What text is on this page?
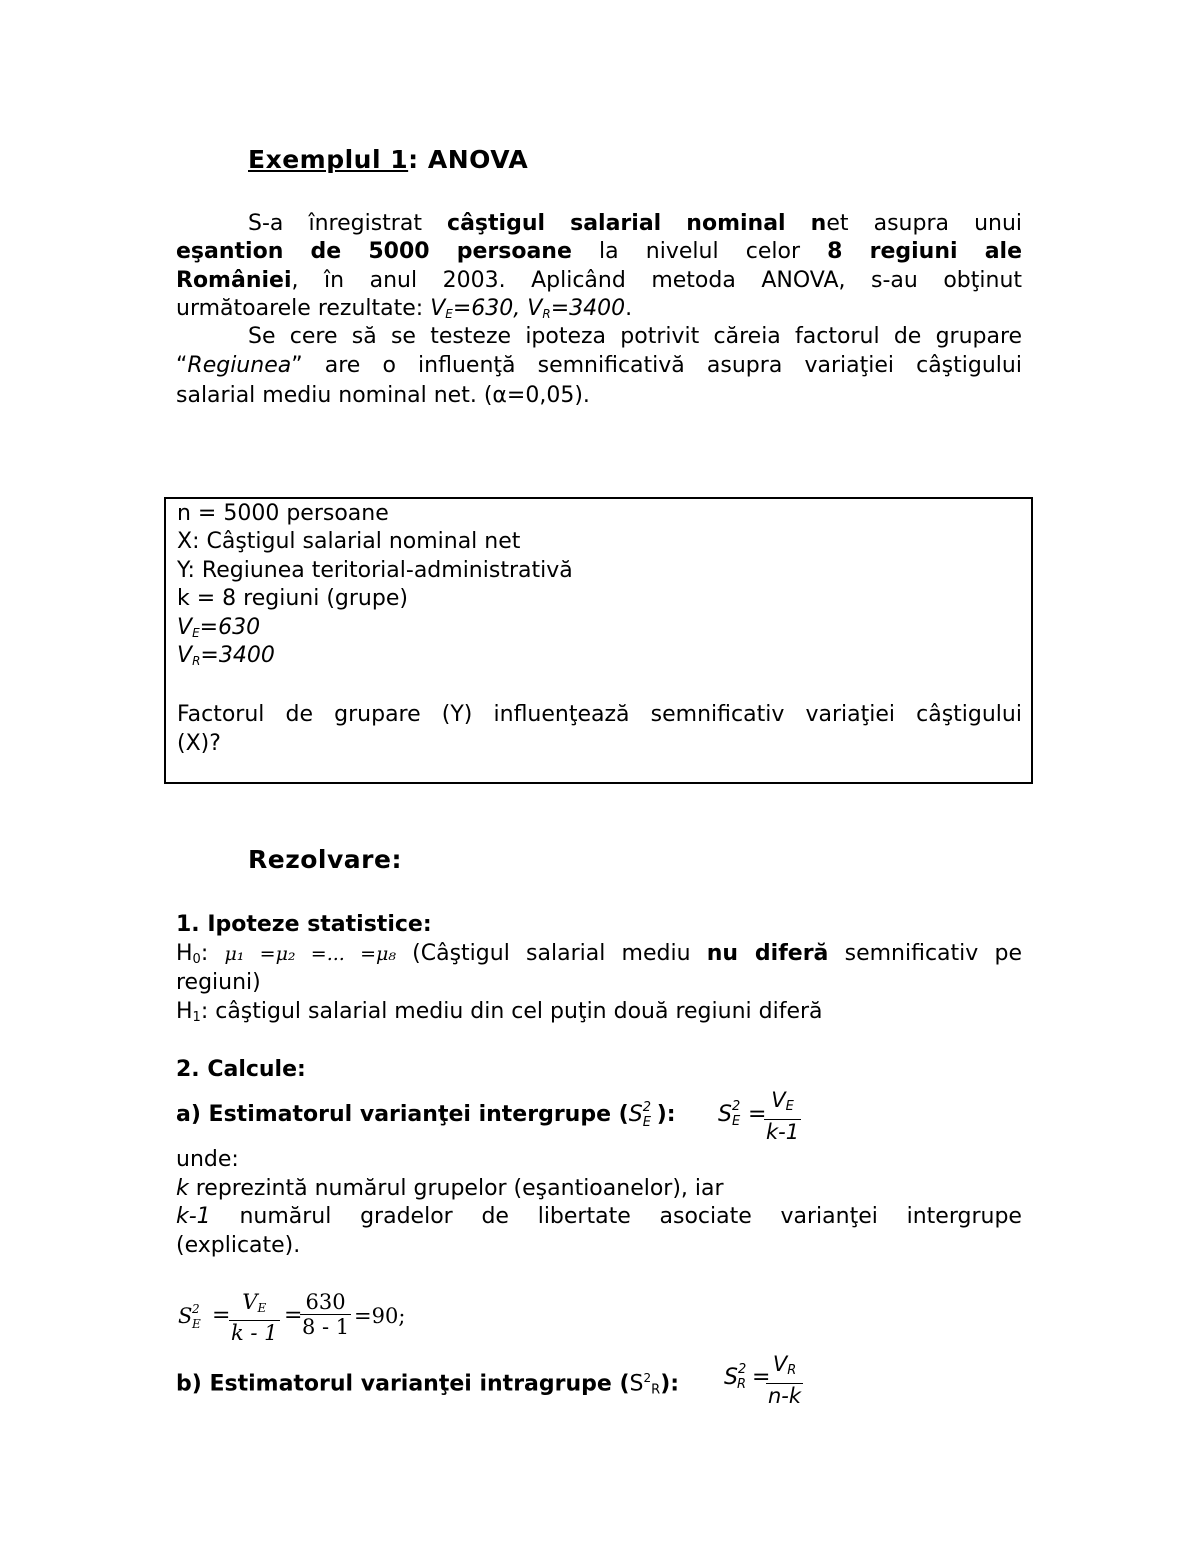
Exemplul 1: ANOVA
S-a înregistrat câştigul salarial nominal net asupra unui
eşantion de 5000 persoane la nivelul celor 8 regiuni ale
României, în anul 2003. Aplicând metoda ANOVA, s-au obţinut
următoarele rezultate: $V_E=630$, $V_R=3400$.
Se cere să se testeze ipoteza potrivit căreia factorul de grupare
“Regiunea” are o influenţă semnificativă asupra variaţiei câştigului
salarial mediu nominal net. (α=0,05).
n = 5000 persoane
X: Câştigul salarial nominal net
Y: Regiunea teritorial-administrativă
k = 8 regiuni (grupe)
$V_E=630$
$V_R=3400$
Factorul de grupare (Y) influenţează semnificativ variaţiei câştigului
(X)?
Rezolvare:
1. Ipoteze statistice:
H0: μ₁ =μ₂ =... =μ₈ (Câştigul salarial mediu nu diferă semnificativ pe
regiuni)
H1: câştigul salarial mediu din cel puţin două regiuni diferă
2. Calcule:
a) Estimatorul varianţei intergrupe (S 2
E ): S 2
E =
$\frac{VE}{k-1}$
unde:
k reprezintă numărul grupelor (eşantioanelor), iar
k-1 numărul gradelor de libertate asociate varianţei intergrupe
(explicate).
S 2
E =
$\frac{VE}{k - 1}$ =
$\frac{630}{8 - 1} =90$;
b) Estimatorul varianţei intragrupe $(S^2R)$: S 2
R =
$\frac{VR}{n-k}$
